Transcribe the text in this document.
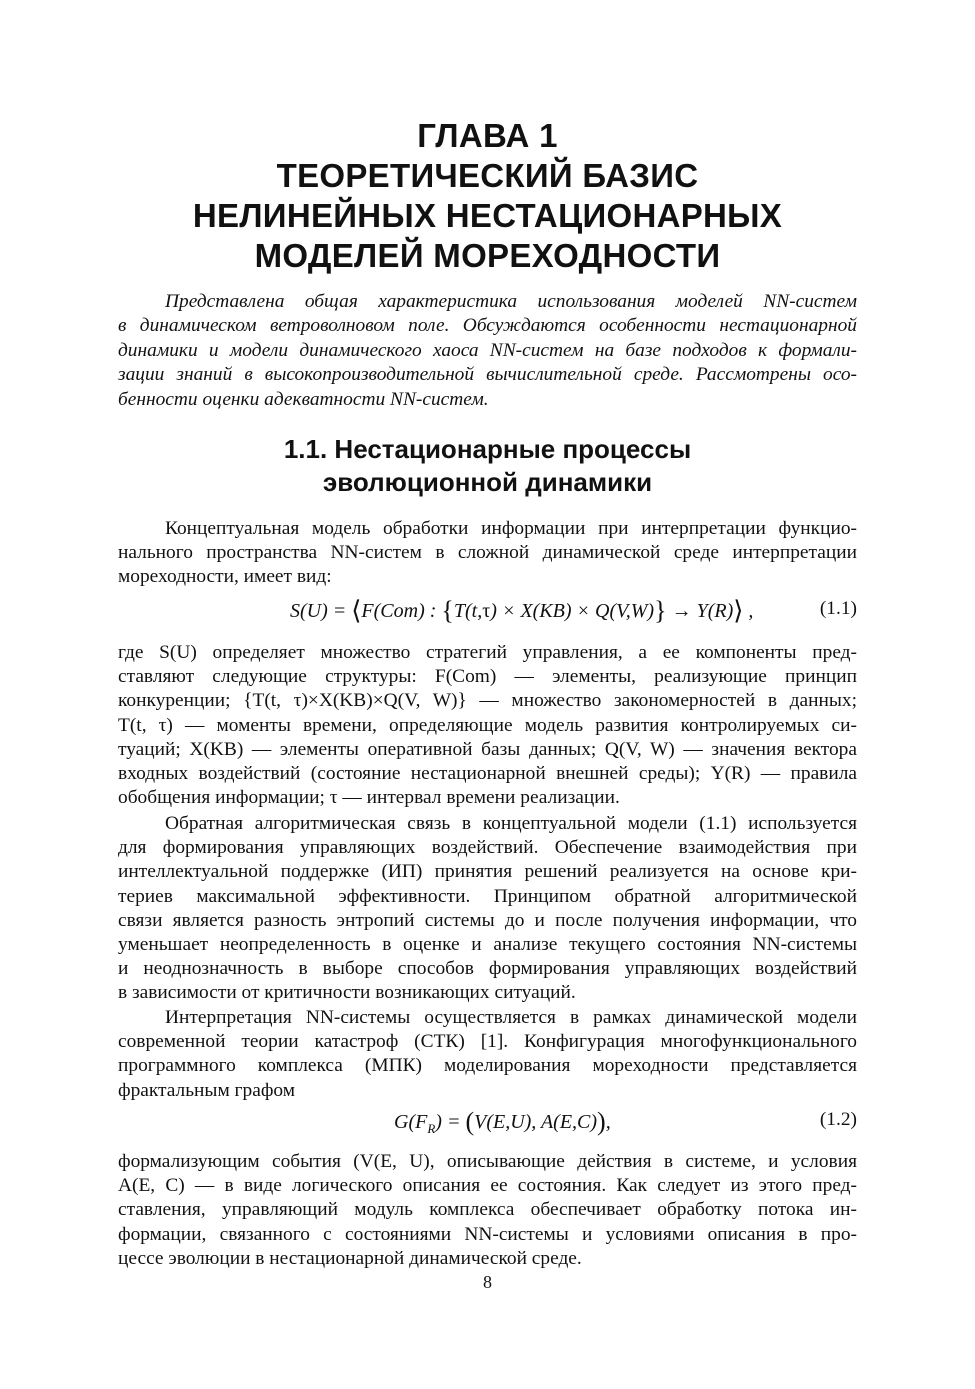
ГЛАВА 1
ТЕОРЕТИЧЕСКИЙ БАЗИС
НЕЛИНЕЙНЫХ НЕСТАЦИОНАРНЫХ
МОДЕЛЕЙ МОРЕХОДНОСТИ
Представлена общая характеристика использования моделей NN-систем
в динамическом ветроволновом поле. Обсуждаются особенности нестационарной
динамики и модели динамического хаоса NN-систем на базе подходов к формали-
зации знаний в высокопроизводительной вычислительной среде. Рассмотрены осо-
бенности оценки адекватности NN-систем.
1.1. Нестационарные процессы
эволюционной динамики
Концептуальная модель обработки информации при интерпретации функцио-
нального пространства NN-систем в сложной динамической среде интерпретации
мореходности, имеет вид:
S(U) = ⟨F(Com) : {T(t,τ) × X(KB) × Q(V,W)} → Y(R)⟩ ,	(1.1)
где S(U) определяет множество стратегий управления, а ее компоненты пред-
ставляют следующие структуры: F(Com) — элементы, реализующие принцип
конкуренции; {T(t, τ)×X(KB)×Q(V, W)} — множество закономерностей в данных;
T(t, τ) — моменты времени, определяющие модель развития контролируемых си-
туаций; X(KB) — элементы оперативной базы данных; Q(V, W) — значения вектора
входных воздействий (состояние нестационарной внешней среды); Y(R) — правила
обобщения информации; τ — интервал времени реализации.
Обратная алгоритмическая связь в концептуальной модели (1.1) используется
для формирования управляющих воздействий. Обеспечение взаимодействия при
интеллектуальной поддержке (ИП) принятия решений реализуется на основе кри-
териев максимальной эффективности. Принципом обратной алгоритмической
связи является разность энтропий системы до и после получения информации, что
уменьшает неопределенность в оценке и анализе текущего состояния NN-системы
и неоднозначность в выборе способов формирования управляющих воздействий
в зависимости от критичности возникающих ситуаций.
Интерпретация NN-системы осуществляется в рамках динамической модели
современной теории катастроф (СТК) [1]. Конфигурация многофункционального
программного комплекса (МПК) моделирования мореходности представляется
фрактальным графом
$G(F_R) = (V(E,U)$, A(E,C)),	(1.2)
формализующим события (V(E, U), описывающие действия в системе, и условия
A(E, C) — в виде логического описания ее состояния. Как следует из этого пред-
ставления, управляющий модуль комплекса обеспечивает обработку потока ин-
формации, связанного с состояниями NN-системы и условиями описания в про-
цессе эволюции в нестационарной динамической среде.
8
